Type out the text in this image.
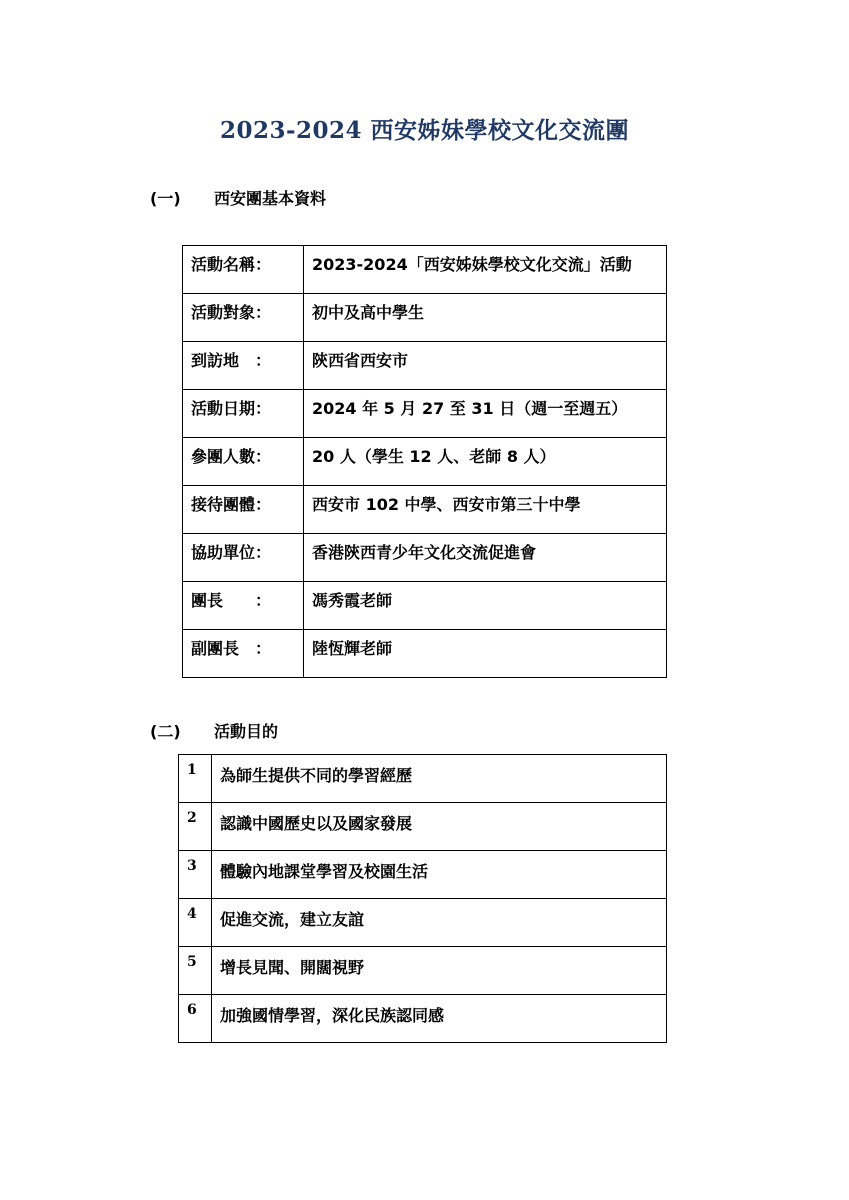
2023-2024 西安姊妹學校文化交流團
(一)	西安團基本資料
活動名稱：	2023-2024「西安姊妹學校文化交流」活動
活動對象：	初中及高中學生
到訪地　：	陝西省西安市
活動日期：	2024 年 5 月 27 至 31 日（週一至週五）
參團人數：	20 人（學生 12 人、老師 8 人）
接待團體：	西安市 102 中學、西安市第三十中學
協助單位：	香港陝西青少年文化交流促進會
團長　　：	馮秀霞老師
副團長　：	陸恆輝老師
(二)	活動目的
1	為師生提供不同的學習經歷
2	認識中國歷史以及國家發展
3	體驗內地課堂學習及校園生活
4	促進交流，建立友誼
5	增長見聞、開闊視野
6	加強國情學習，深化民族認同感
